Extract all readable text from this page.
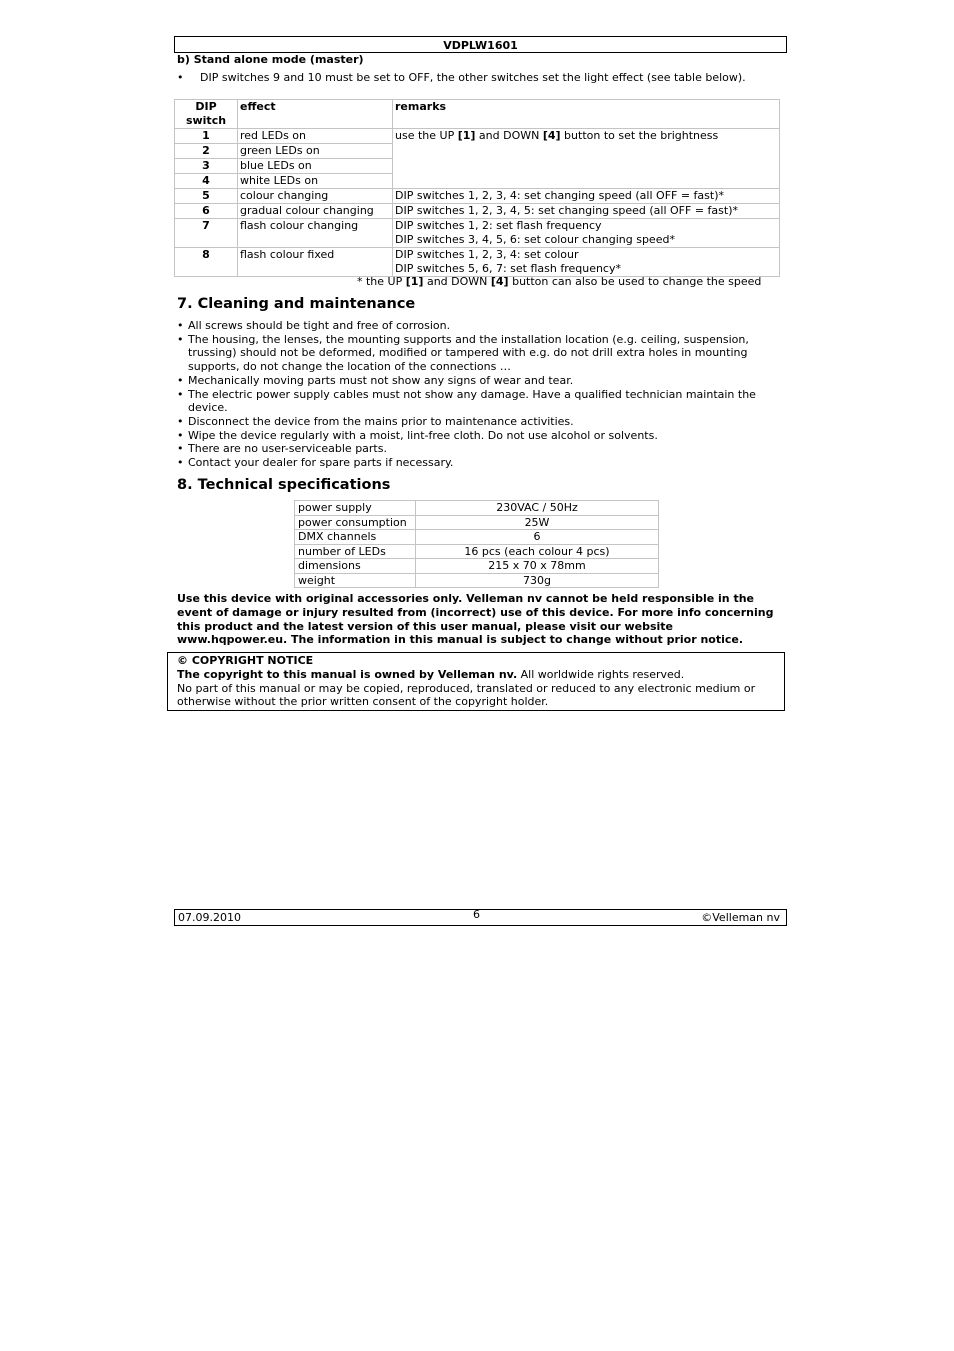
VDPLW1601
b) Stand alone mode (master)
• DIP switches 9 and 10 must be set to OFF, the other switches set the light effect (see table below).
DIP
switch	effect	remarks
1	red LEDs on	use the UP [1] and DOWN [4] button to set the brightness
2	green LEDs on	
3	blue LEDs on	
4	white LEDs on	
5	colour changing	DIP switches 1, 2, 3, 4: set changing speed (all OFF = fast)*
6	gradual colour changing	DIP switches 1, 2, 3, 4, 5: set changing speed (all OFF = fast)*
7	flash colour changing	DIP switches 1, 2: set flash frequency
DIP switches 3, 4, 5, 6: set colour changing speed*
8	flash colour fixed	DIP switches 1, 2, 3, 4: set colour
DIP switches 5, 6, 7: set flash frequency*
* the UP [1] and DOWN [4] button can also be used to change the speed
7. Cleaning and maintenance
• All screws should be tight and free of corrosion.
• The housing, the lenses, the mounting supports and the installation location (e.g. ceiling, suspension, trussing) should not be deformed, modified or tampered with e.g. do not drill extra holes in mounting supports, do not change the location of the connections …
• Mechanically moving parts must not show any signs of wear and tear.
• The electric power supply cables must not show any damage. Have a qualified technician maintain the device.
• Disconnect the device from the mains prior to maintenance activities.
• Wipe the device regularly with a moist, lint-free cloth. Do not use alcohol or solvents.
• There are no user-serviceable parts.
• Contact your dealer for spare parts if necessary.
8. Technical specifications
power supply	230VAC / 50Hz
power consumption	25W
DMX channels	6
number of LEDs	16 pcs (each colour 4 pcs)
dimensions	215 x 70 x 78mm
weight	730g
Use this device with original accessories only. Velleman nv cannot be held responsible in the event of damage or injury resulted from (incorrect) use of this device. For more info concerning this product and the latest version of this user manual, please visit our website www.hqpower.eu. The information in this manual is subject to change without prior notice.
© COPYRIGHT NOTICE
The copyright to this manual is owned by Velleman nv. All worldwide rights reserved.
No part of this manual or may be copied, reproduced, translated or reduced to any electronic medium or otherwise without the prior written consent of the copyright holder.
07.09.2010	6	©Velleman nv
